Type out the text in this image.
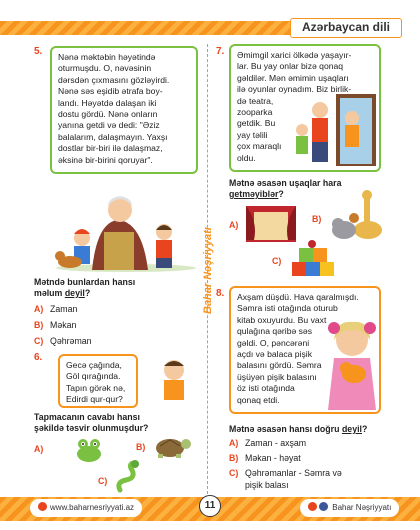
Azərbaycan dili
Bahar Nəşriyyatı
5. Nənə məktəbin həyətində
oturmuşdu. O, nəvəsinin
dərsdən çıxmasını gözləyirdi.
Nənə səs eşidib ətrafa boy-
landı. Həyətdə dalaşan iki
dostu gördü. Nənə onların
yanına getdi və dedi: "Əziz
balalarım, dalaşmayın. Yaxşı
dostlar bir-biri ilə dalaşmaz,
əksinə bir-birini qoruyar".
Mətndə bunlardan hansı
məlum deyil?
A) Zaman
B) Məkan
C) Qəhrəman
6.
Gecə çağında,
Göl qırağında.
Tapın görək nə,
Edirdi qur-qur?
Tapmacanın cavabı hansı
şəkildə təsvir olunmuşdur?
A)	B)
C)
7. Əmimgil xarici ölkədə yaşayır-
lar. Bu yay onlar bizə qonaq
gəldilər. Mən əmimin uşaqları
ilə oyunlar oynadım. Biz birlik-
də teatra,
zooparka
getdik. Bu
yay təlili
çox maraqlı
oldu.
Mətnə əsasən uşaqlar hara
getməyiblər?
A)
B)
C)
8. Axşam düşdü. Hava qaralmışdı.
Səmra isti otağında oturub
kitab oxuyurdu. Bu vaxt
qulağına qəribə səs
gəldi. O, pəncərəni
açdı və balaca pişik
balasını gördü. Səmra
üşüyən pişik balasını
öz isti otağında
qonaq etdi.
Mətnə əsasən hansı doğru deyil?
A) Zaman - axşam
B) Məkan - həyat
C) Qəhrəmanlar - Səmra və
pişik balası
www.baharnesriyyati.az	11	Bahar Nəşriyyatı
